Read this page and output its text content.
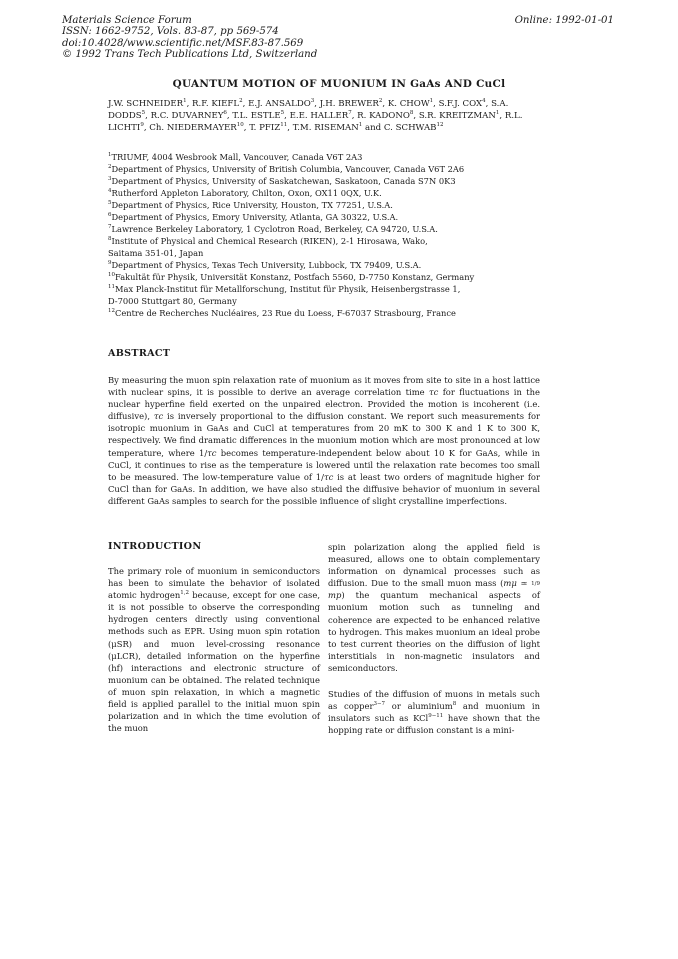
Materials Science Forum
ISSN: 1662-9752, Vols. 83-87, pp 569-574
doi:10.4028/www.scientific.net/MSF.83-87.569
© 1992 Trans Tech Publications Ltd, Switzerland
Online: 1992-01-01
QUANTUM MOTION OF MUONIUM IN GaAs AND CuCl
J.W. SCHNEIDER$^1$, R.F. KIEFL$^2$, E.J. ANSALDO$^3$, J.H. BREWER$^2$, K. CHOW$^1$, S.F.J. COX$^4$, S.A. DODDS$^5$, R.C. DUVARNEY$^6$, T.L. ESTLE$^5$, E.E. HALLER$^7$, R. KADONO$^8$, S.R. KREITZMAN$^1$, R.L. LICHTI$^9$, Ch. NIEDERMAYER$^{10}$, T. PFIZ$^{11}$, T.M. RISEMAN$^1$ and C. SCHWAB$^{12}$
$^1$TRIUMF, 4004 Wesbrook Mall, Vancouver, Canada V6T 2A3
$^2$Department of Physics, University of British Columbia, Vancouver, Canada V6T 2A6
$^3$Department of Physics, University of Saskatchewan, Saskatoon, Canada S7N 0K3
$^4$Rutherford Appleton Laboratory, Chilton, Oxon, OX11 0QX, U.K.
$^5$Department of Physics, Rice University, Houston, TX 77251, U.S.A.
$^6$Department of Physics, Emory University, Atlanta, GA 30322, U.S.A.
$^7$Lawrence Berkeley Laboratory, 1 Cyclotron Road, Berkeley, CA 94720, U.S.A.
$^8$Institute of Physical and Chemical Research (RIKEN), 2-1 Hirosawa, Wako,
Saitama 351-01, Japan
$^9$Department of Physics, Texas Tech University, Lubbock, TX 79409, U.S.A.
$^{10}$Fakultät für Physik, Universität Konstanz, Postfach 5560, D-7750 Konstanz, Germany
$^{11}$Max Planck-Institut für Metallforschung, Institut für Physik, Heisenbergstrasse 1,
D-7000 Stuttgart 80, Germany
$^{12}$Centre de Recherches Nucléaires, 23 Rue du Loess, F-67037 Strasbourg, France
ABSTRACT
By measuring the muon spin relaxation rate of muonium as it moves from site to site in a host lattice with nuclear spins, it is possible to derive an average correlation time τc for fluctuations in the nuclear hyperfine field exerted on the unpaired electron. Provided the motion is incoherent (i.e. diffusive), τc is inversely proportional to the diffusion constant. We report such measurements for isotropic muonium in GaAs and CuCl at temperatures from 20 mK to 300 K and 1 K to 300 K, respectively. We find dramatic differences in the muonium motion which are most pronounced at low temperature, where 1/τc becomes temperature-independent below about 10 K for GaAs, while in CuCl, it continues to rise as the temperature is lowered until the relaxation rate becomes too small to be measured. The low-temperature value of 1/τc is at least two orders of magnitude higher for CuCl than for GaAs. In addition, we have also studied the diffusive behavior of muonium in several different GaAs samples to search for the possible influence of slight crystalline imperfections.
INTRODUCTION
The primary role of muonium in semiconductors has been to simulate the behavior of isolated atomic hydrogen$^{1,2}$ because, except for one case, it is not possible to observe the corresponding hydrogen centers directly using conventional methods such as EPR. Using muon spin rotation (μSR) and muon level-crossing resonance (μLCR), detailed information on the hyperfine (hf) interactions and electronic structure of muonium can be obtained. The related technique of muon spin relaxation, in which a magnetic field is applied parallel to the initial muon spin polarization and in which the time evolution of the muon
spin polarization along the applied field is measured, allows one to obtain complementary information on dynamical processes such as diffusion. Due to the small muon mass (mμ ≃ 1/9mp) the quantum mechanical aspects of muonium motion such as tunneling and coherence are expected to be enhanced relative to hydrogen. This makes muonium an ideal probe to test current theories on the diffusion of light interstitials in non-magnetic insulators and semiconductors.
Studies of the diffusion of muons in metals such as copper$^{3-7}$ or aluminium$^8$ and muonium in insulators such as KCl$^{9-11}$ have shown that the hopping rate or diffusion constant is a mini-
